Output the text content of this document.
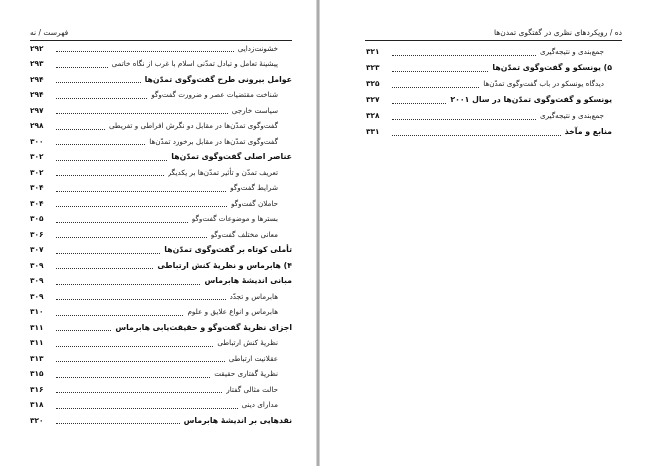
فهرست / نه
خشونت‌زدایی
۲۹۲
پیشینۀ تعامل و تبادل تمدّنی اسلام با غرب از نگاه خاتمی
۲۹۳
عوامل بیرونی طرح گفت‌وگوی تمدّن‌ها
۲۹۴
شناخت مقتضیات عصر و ضرورت گفت‌وگو
۲۹۴
سیاست خارجی
۲۹۷
گفت‌وگوی تمدّن‌ها در مقابل دو نگرش افراطی و تفریطی
۲۹۸
گفت‌وگوی تمدّن‌ها در مقابل برخورد تمدّن‌ها
۳۰۰
عناصر اصلی گفت‌وگوی تمدّن‌ها
۳۰۲
تعریف تمدّن و تأثیر تمدّن‌ها بر یکدیگر
۳۰۲
شرایط گفت‌وگو
۳۰۴
حاملان گفت‌وگو
۳۰۴
بسترها و موضوعات گفت‌وگو
۳۰۵
معانی مختلف گفت‌وگو
۳۰۶
تأملی کوتاه بر گفت‌وگوی تمدّن‌ها
۳۰۷
۴) هابرماس و نظریۀ کنش ارتباطی
۳۰۹
مبانی اندیشۀ هابرماس
۳۰۹
هابرماس و تجدّد
۳۰۹
هابرماس و انواع علایق و علوم
۳۱۰
اجزای نظریۀ گفت‌وگو و حقیقت‌یابی هابرماس
۳۱۱
نظریۀ کنش ارتباطی
۳۱۱
عقلانیت ارتباطی
۳۱۳
نظریۀ گفتاری حقیقت
۳۱۵
حالت مثالی گفتار
۳۱۶
مدارای دینی
۳۱۸
نقدهایی بر اندیشۀ هابرماس
۳۲۰
ده / رویکردهای نظری در گفتگوی تمدن‌ها
جمع‌بندی و نتیجه‌گیری
۳۲۱
۵) یونسکو و گفت‌وگوی تمدّن‌ها
۳۲۳
دیدگاه یونسکو در باب گفت‌وگوی تمدّن‌ها
۳۲۵
یونسکو و گفت‌وگوی تمدّن‌ها در سال ۲۰۰۱
۳۲۷
جمع‌بندی و نتیجه‌گیری
۳۲۸
منابع و مآخذ
۳۳۱
